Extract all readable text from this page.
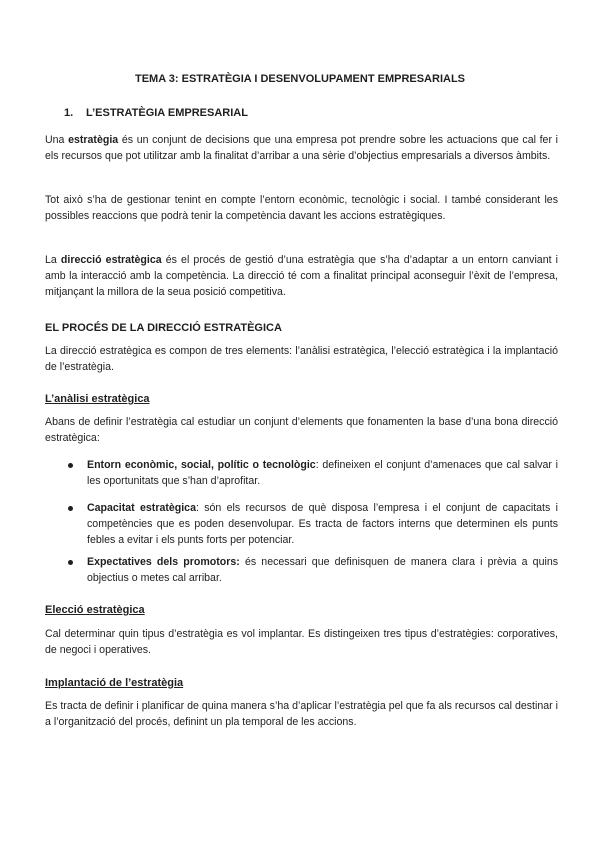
TEMA 3: ESTRATÈGIA I DESENVOLUPAMENT EMPRESARIALS
1. L’ESTRATÈGIA EMPRESARIAL
Una estratègia és un conjunt de decisions que una empresa pot prendre sobre les actuacions que cal fer i els recursos que pot utilitzar amb la finalitat d’arribar a una sèrie d’objectius empresarials a diversos àmbits.
Tot això s’ha de gestionar tenint en compte l’entorn econòmic, tecnològic i social. I també considerant les possibles reaccions que podrà tenir la competència davant les accions estratègiques.
La direcció estratègica és el procés de gestió d’una estratègia que s’ha d’adaptar a un entorn canviant i amb la interacció amb la competència. La direcció té com a finalitat principal aconseguir l’èxit de l’empresa, mitjançant la millora de la seua posició competitiva.
EL PROCÉS DE LA DIRECCIÓ ESTRATÈGICA
La direcció estratègica es compon de tres elements: l’anàlisi estratègica, l’elecció estratègica i la implantació de l’estratègia.
L’anàlisi estratègica
Abans de definir l’estratègia cal estudiar un conjunt d’elements que fonamenten la base d’una bona direcció estratègica:
Entorn econòmic, social, polític o tecnològic: defineixen el conjunt d’amenaces que cal salvar i les oportunitats que s’han d’aprofitar.
Capacitat estratègica: són els recursos de què disposa l’empresa i el conjunt de capacitats i competències que es poden desenvolupar. Es tracta de factors interns que determinen els punts febles a evitar i els punts forts per potenciar.
Expectatives dels promotors: és necessari que definisquen de manera clara i prèvia a quins objectius o metes cal arribar.
Elecció estratègica
Cal determinar quin tipus d’estratègia es vol implantar. Es distingeixen tres tipus d’estratègies: corporatives, de negoci i operatives.
Implantació de l’estratègia
Es tracta de definir i planificar de quina manera s’ha d’aplicar l’estratègia pel que fa als recursos cal destinar i a l’organització del procés, definint un pla temporal de les accions.
